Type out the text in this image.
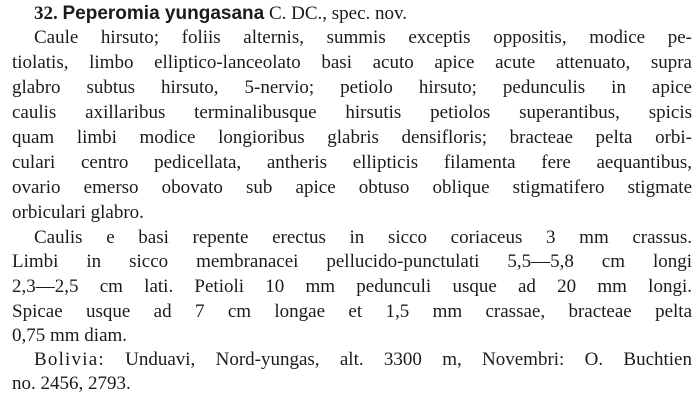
32. Peperomia yungasana C. DC., spec. nov.
Caule hirsuto; foliis alternis, summis exceptis oppositis, modice pe-
tiolatis, limbo elliptico-lanceolato basi acuto apice acute attenuato, supra
glabro subtus hirsuto, 5-nervio; petiolo hirsuto; pedunculis in apice
caulis axillaribus terminalibusque hirsutis petiolos superantibus, spicis
quam limbi modice longioribus glabris densifloris; bracteae pelta orbi-
culari centro pedicellata, antheris ellipticis filamenta fere aequantibus,
ovario emerso obovato sub apice obtuso oblique stigmatifero stigmate
orbiculari glabro.
Caulis e basi repente erectus in sicco coriaceus 3 mm crassus.
Limbi in sicco membranacei pellucido-punctulati 5,5—5,8 cm longi
2,3—2,5 cm lati. Petioli 10 mm pedunculi usque ad 20 mm longi.
Spicae usque ad 7 cm longae et 1,5 mm crassae, bracteae pelta
0,75 mm diam.
Bolivia: Unduavi, Nord-yungas, alt. 3300 m, Novembri: O. Buchtien
no. 2456, 2793.
